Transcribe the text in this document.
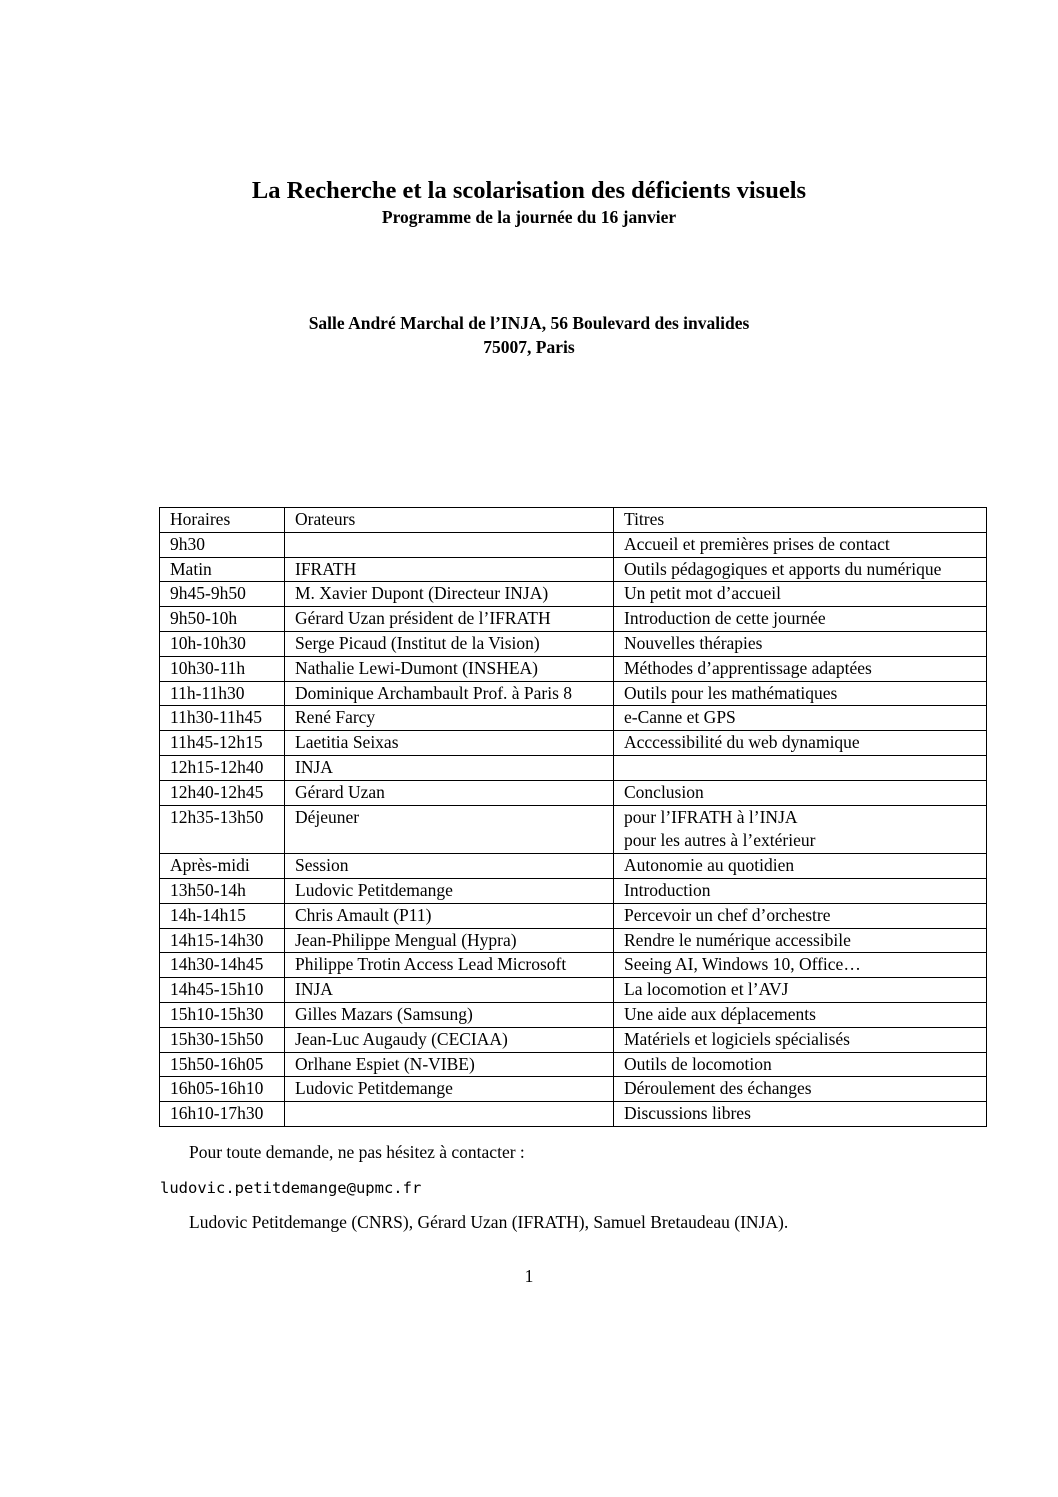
La Recherche et la scolarisation des déficients visuels
Programme de la journée du 16 janvier
Salle André Marchal de l’INJA, 56 Boulevard des invalides
75007, Paris
Horaires	Orateurs	Titres
9h30		Accueil et premières prises de contact
Matin	IFRATH	Outils pédagogiques et apports du numérique
9h45-9h50	M. Xavier Dupont (Directeur INJA)	Un petit mot d’accueil
9h50-10h	Gérard Uzan président de l’IFRATH	Introduction de cette journée
10h-10h30	Serge Picaud (Institut de la Vision)	Nouvelles thérapies
10h30-11h	Nathalie Lewi-Dumont (INSHEA)	Méthodes d’apprentissage adaptées
11h-11h30	Dominique Archambault Prof. à Paris 8	Outils pour les mathématiques
11h30-11h45	René Farcy	e-Canne et GPS
11h45-12h15	Laetitia Seixas	Acccessibilité du web dynamique
12h15-12h40	INJA	
12h40-12h45	Gérard Uzan	Conclusion
12h35-13h50	Déjeuner	pour l’IFRATH à l’INJA
pour les autres à l’extérieur

Après-midi	Session	Autonomie au quotidien
13h50-14h	Ludovic Petitdemange	Introduction
14h-14h15	Chris Amault (P11)	Percevoir un chef d’orchestre
14h15-14h30	Jean-Philippe Mengual (Hypra)	Rendre le numérique accessibile
14h30-14h45	Philippe Trotin Access Lead Microsoft	Seeing AI, Windows 10, Office…
14h45-15h10	INJA	La locomotion et l’AVJ
15h10-15h30	Gilles Mazars (Samsung)	Une aide aux déplacements
15h30-15h50	Jean-Luc Augaudy (CECIAA)	Matériels et logiciels spécialisés
15h50-16h05	Orlhane Espiet (N-VIBE)	Outils de locomotion
16h05-16h10	Ludovic Petitdemange	Déroulement des échanges
16h10-17h30		Discussions libres
Pour toute demande, ne pas hésitez à contacter :
ludovic.petitdemange@upmc.fr
Ludovic Petitdemange (CNRS), Gérard Uzan (IFRATH), Samuel Bretaudeau (INJA).
1
